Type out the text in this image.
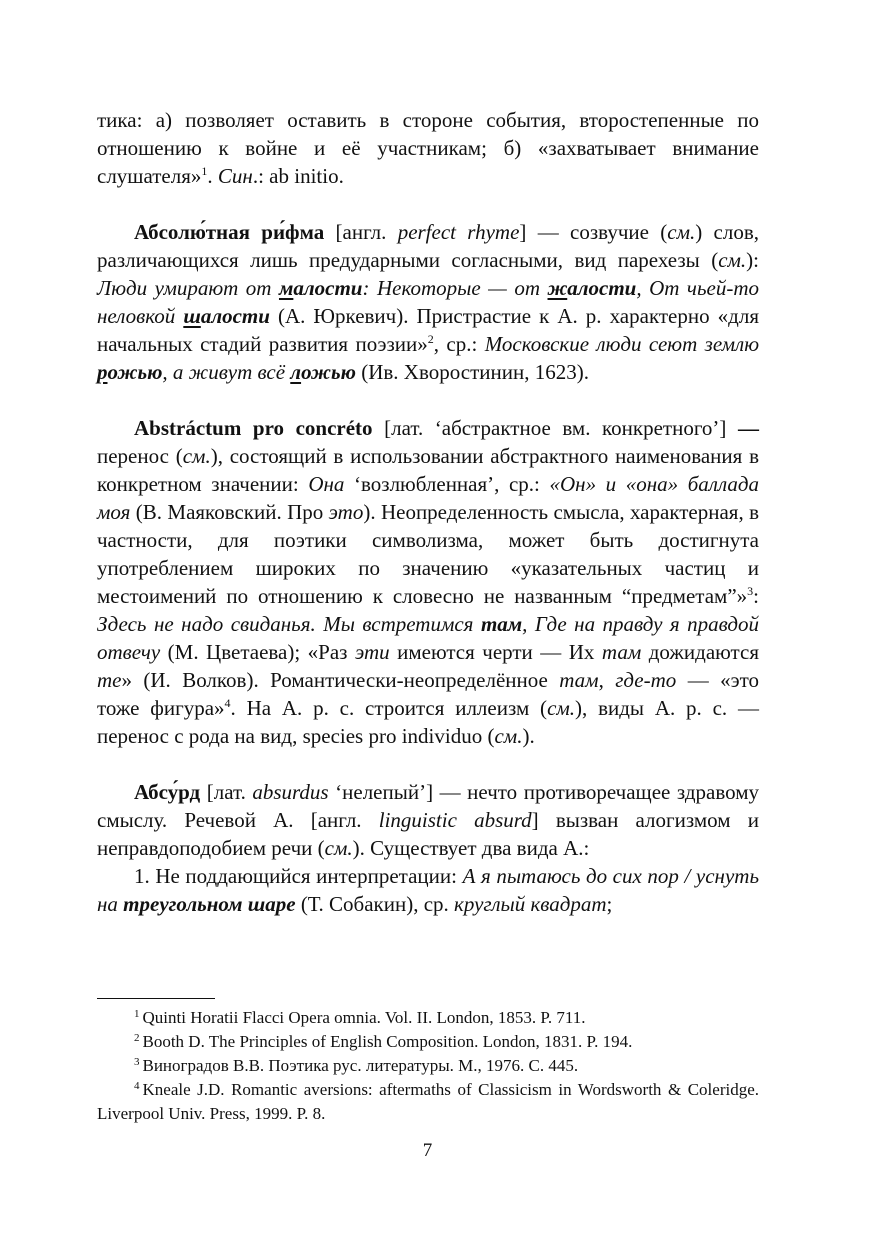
тика: а) позволяет оставить в стороне события, второстепенные по отношению к войне и её участникам; б) «захватывает внимание слушателя»$^1$. Син.: ab initio.

Абсолю́тная ри́фма [англ. perfect rhyme] — созвучие (см.) слов, различающихся лишь предударными согласными, вид парехезы (см.): Люди умирают от малости: Некоторые — от жалости, От чьей-то неловкой шалости (А. Юркевич). Пристрастие к А. р. характерно «для начальных стадий развития поэзии»$^2$, ср.: Московские люди сеют землю рожью, а живут всё ложью (Ив. Хворостинин, 1623).

Abstráctum pro concréto [лат. ‘абстрактное вм. конкретного’] — перенос (см.), состоящий в использовании абстрактного наименования в конкретном значении: Она ‘возлюбленная’, ср.: «Он» и «она» баллада моя (В. Маяковский. Про это). Неопределенность смысла, характерная, в частности, для поэтики символизма, может быть достигнута употреблением широких по значению «указательных частиц и местоимений по отношению к словесно не названным “предметам”»$^3$: Здесь не надо свиданья. Мы встретимся там, Где на правду я правдой отвечу (М. Цветаева); «Раз эти имеются черти — Их там дожидаются те» (И. Волков). Романтически-неопределённое там, где-то — «это тоже фигура»$^4$. На А. р. с. строится иллеизм (см.), виды А. р. с. — перенос с рода на вид, species pro individuo (см.).

Абсу́рд [лат. absurdus ‘нелепый’] — нечто противоречащее здравому смыслу. Речевой А. [англ. linguistic absurd] вызван алогизмом и неправдоподобием речи (см.). Существует два вида А.:

1. Не поддающийся интерпретации: А я пытаюсь до сих пор / уснуть на треугольном шаре (Т. Собакин), ср. круглый квадрат;

$^1$ Quinti Horatii Flacci Opera omnia. Vol. II. London, 1853. P. 711.

$^2$ Booth D. The Principles of English Composition. London, 1831. P. 194.

$^3$ Виноградов В.В. Поэтика рус. литературы. М., 1976. С. 445.

$^4$ Kneale J.D. Romantic aversions: aftermaths of Classicism in Wordsworth & Coleridge. Liverpool Univ. Press, 1999. P. 8.

7
